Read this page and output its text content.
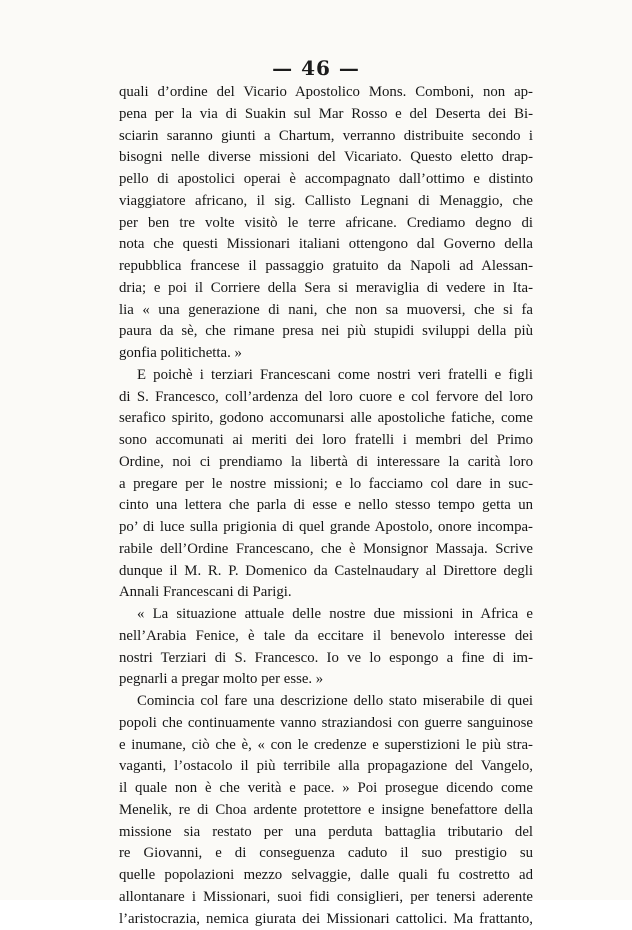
— 46 —
quali d’ordine del Vicario Apostolico Mons. Comboni, non ap-
pena per la via di Suakin sul Mar Rosso e del Deserta dei Bi-
sciarin saranno giunti a Chartum, verranno distribuite secondo i
bisogni nelle diverse missioni del Vicariato. Questo eletto drap-
pello di apostolici operai è accompagnato dall’ottimo e distinto
viaggiatore africano, il sig. Callisto Legnani di Menaggio, che
per ben tre volte visitò le terre africane. Crediamo degno di
nota che questi Missionari italiani ottengono dal Governo della
repubblica francese il passaggio gratuito da Napoli ad Alessan-
dria; e poi il Corriere della Sera si meraviglia di vedere in Ita-
lia « una generazione di nani, che non sa muoversi, che si fa
paura da sè, che rimane presa nei più stupidi sviluppi della più
gonfia politichetta. »
E poichè i terziari Francescani come nostri veri fratelli e figli
di S. Francesco, coll’ardenza del loro cuore e col fervore del loro
serafico spirito, godono accomunarsi alle apostoliche fatiche, come
sono accomunati ai meriti dei loro fratelli i membri del Primo
Ordine, noi ci prendiamo la libertà di interessare la carità loro
a pregare per le nostre missioni; e lo facciamo col dare in suc-
cinto una lettera che parla di esse e nello stesso tempo getta un
po’ di luce sulla prigionia di quel grande Apostolo, onore incompa-
rabile dell’Ordine Francescano, che è Monsignor Massaja. Scrive
dunque il M. R. P. Domenico da Castelnaudary al Direttore degli
Annali Francescani di Parigi.
« La situazione attuale delle nostre due missioni in Africa e
nell’Arabia Fenice, è tale da eccitare il benevolo interesse dei
nostri Terziari di S. Francesco. Io ve lo espongo a fine di im-
pegnarli a pregar molto per esse. »
Comincia col fare una descrizione dello stato miserabile di quei
popoli che continuamente vanno straziandosi con guerre sanguinose
e inumane, ciò che è, « con le credenze e superstizioni le più stra-
vaganti, l’ostacolo il più terribile alla propagazione del Vangelo,
il quale non è che verità e pace. » Poi prosegue dicendo come
Menelik, re di Choa ardente protettore e insigne benefattore della
missione sia restato per una perduta battaglia tributario del
re Giovanni, e di conseguenza caduto il suo prestigio su
quelle popolazioni mezzo selvaggie, dalle quali fu costretto ad
allontanare i Missionari, suoi fidi consiglieri, per tenersi aderente
l’aristocrazia, nemica giurata dei Missionari cattolici. Ma frattanto,
